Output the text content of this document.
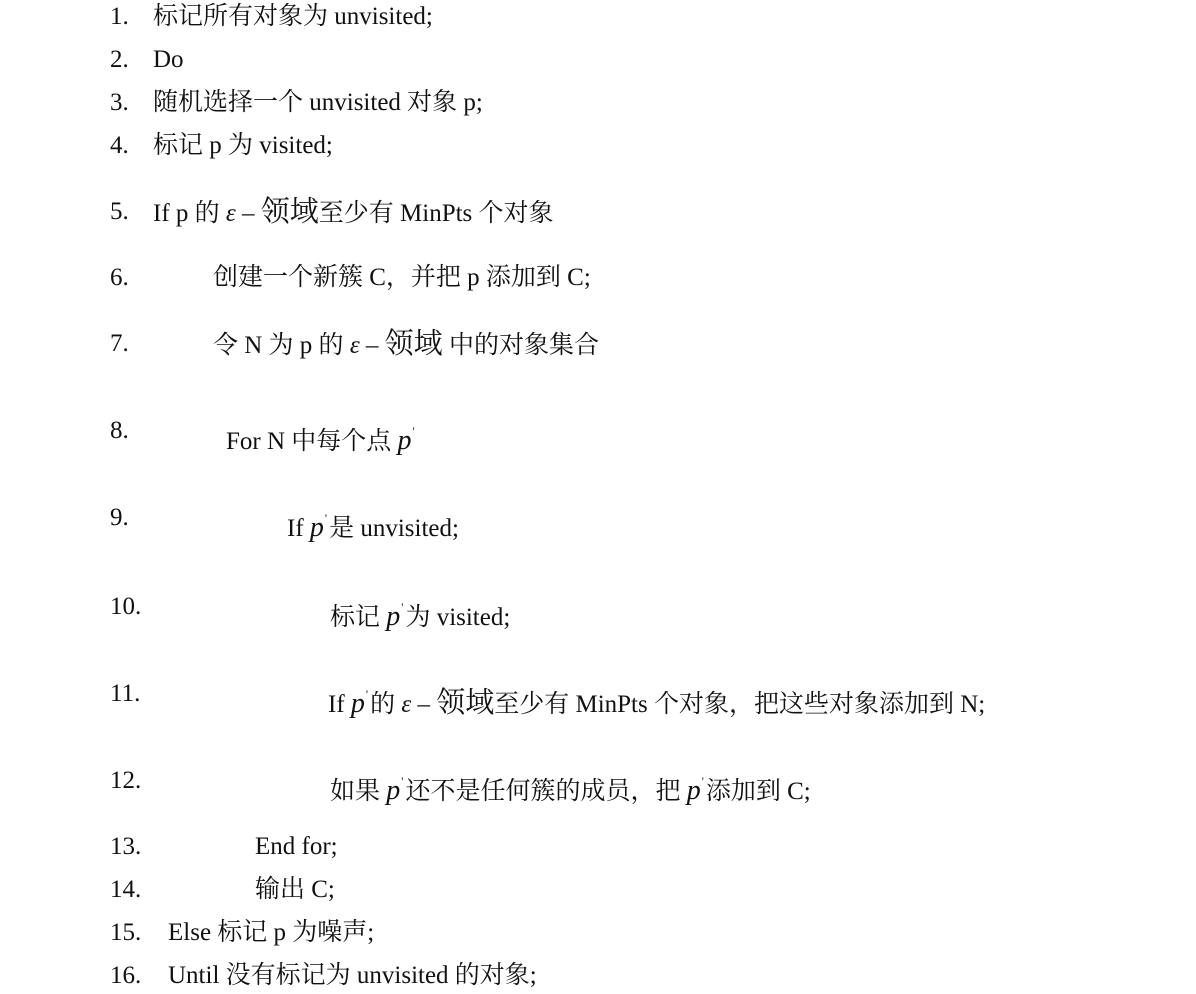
1. 标记所有对象为 unvisited;
2. Do
3. 随机选择一个 unvisited 对象 p;
4. 标记 p 为 visited;
5. If p 的 ε – 领域至少有 MinPts 个对象
6.	创建一个新簇 C，并把 p 添加到 C;
7.	令 N 为 p 的 ε – 领域 中的对象集合
8.	For N 中每个点 p'
9.	If p'是 unvisited;
10.	标记 p'为 visited;
11.	If p'的 ε – 领域至少有 MinPts 个对象，把这些对象添加到 N;
12.	如果 p'还不是任何簇的成员，把 p'添加到 C;
13.	End for;
14.	输出 C;
15. Else 标记 p 为噪声;
16. Until 没有标记为 unvisited 的对象;
